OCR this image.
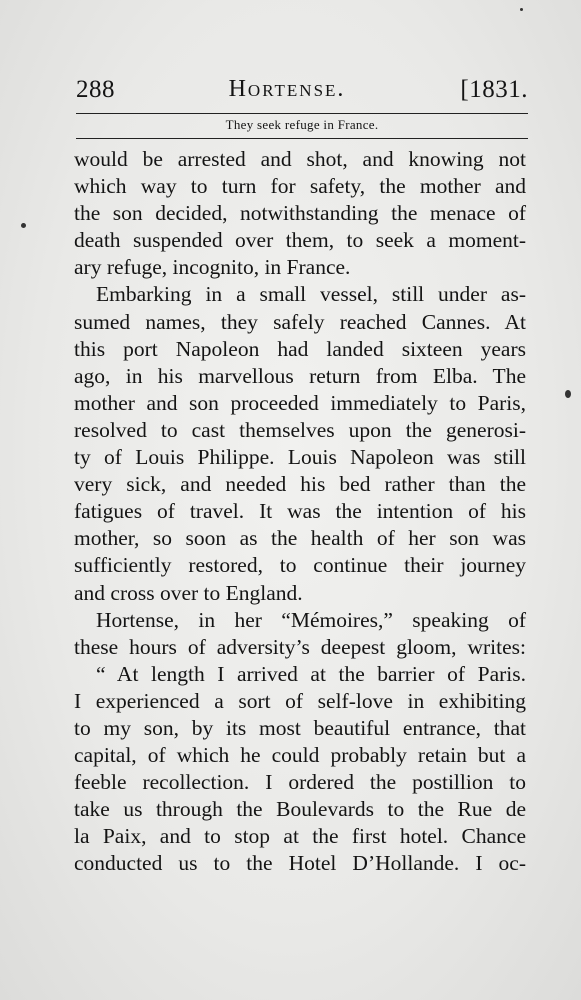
288	Hortense.	[1831.
They seek refuge in France.
would be arrested and shot, and knowing not
which way to turn for safety, the mother and
the son decided, notwithstanding the menace of
death suspended over them, to seek a moment-
ary refuge, incognito, in France.
Embarking in a small vessel, still under as-
sumed names, they safely reached Cannes. At
this port Napoleon had landed sixteen years
ago, in his marvellous return from Elba. The
mother and son proceeded immediately to Paris,
resolved to cast themselves upon the generosi-
ty of Louis Philippe. Louis Napoleon was still
very sick, and needed his bed rather than the
fatigues of travel. It was the intention of his
mother, so soon as the health of her son was
sufficiently restored, to continue their journey
and cross over to England.
Hortense, in her “Mémoires,” speaking of
these hours of adversity’s deepest gloom, writes:
“ At length I arrived at the barrier of Paris.
I experienced a sort of self-love in exhibiting
to my son, by its most beautiful entrance, that
capital, of which he could probably retain but a
feeble recollection. I ordered the postillion to
take us through the Boulevards to the Rue de
la Paix, and to stop at the first hotel. Chance
conducted us to the Hotel D’Hollande. I oc-
